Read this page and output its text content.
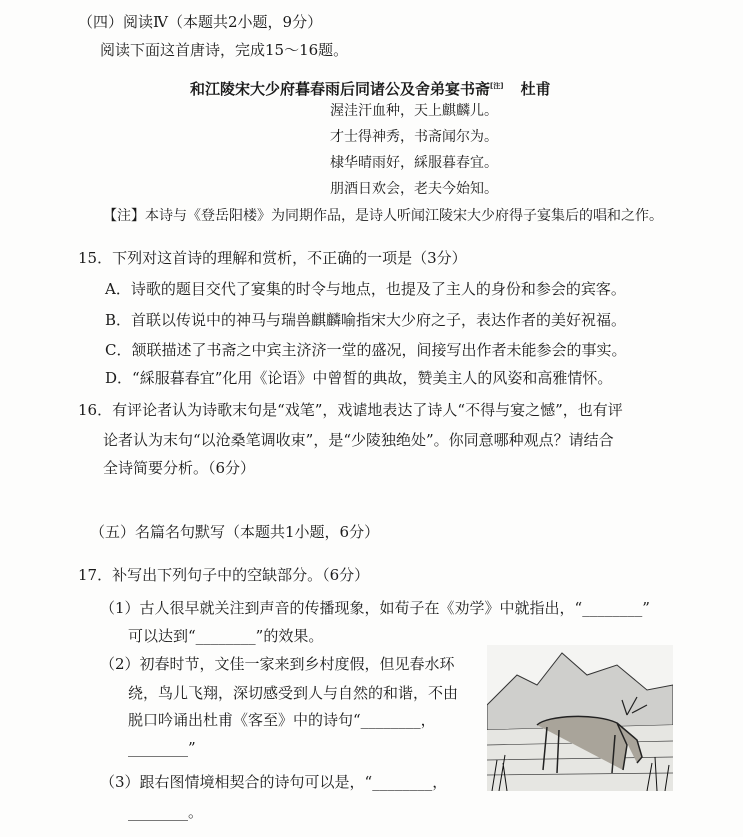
（四）阅读Ⅳ（本题共2小题，9分）
阅读下面这首唐诗，完成15～16题。
和江陵宋大少府暮春雨后同诸公及舍弟宴书斋[注] 杜甫
渥洼汗血种，天上麒麟儿。
才士得神秀，书斋闻尔为。
棣华晴雨好，綵服暮春宜。
朋酒日欢会，老夫今始知。
【注】本诗与《登岳阳楼》为同期作品，是诗人听闻江陵宋大少府得子宴集后的唱和之作。
15．下列对这首诗的理解和赏析，不正确的一项是（3分）
A．诗歌的题目交代了宴集的时令与地点，也提及了主人的身份和参会的宾客。
B．首联以传说中的神马与瑞兽麒麟喻指宋大少府之子，表达作者的美好祝福。
C．颔联描述了书斋之中宾主济济一堂的盛况，间接写出作者未能参会的事实。
D．“綵服暮春宜”化用《论语》中曾皙的典故，赞美主人的风姿和高雅情怀。
16．有评论者认为诗歌末句是“戏笔”，戏谑地表达了诗人“不得与宴之憾”，也有评
论者认为末句“以沧桑笔调收束”，是“少陵独绝处”。你同意哪种观点？请结合
全诗简要分析。（6分）
（五）名篇名句默写（本题共1小题，6分）
17．补写出下列句子中的空缺部分。（6分）
（1）古人很早就关注到声音的传播现象，如荀子在《劝学》中就指出，“________”
可以达到“________”的效果。
（2）初春时节，文佳一家来到乡村度假，但见春水环
绕，鸟儿飞翔，深切感受到人与自然的和谐，不由
脱口吟诵出杜甫《客至》中的诗句“________，
________”
（3）跟右图情境相契合的诗句可以是，“________，
________。
